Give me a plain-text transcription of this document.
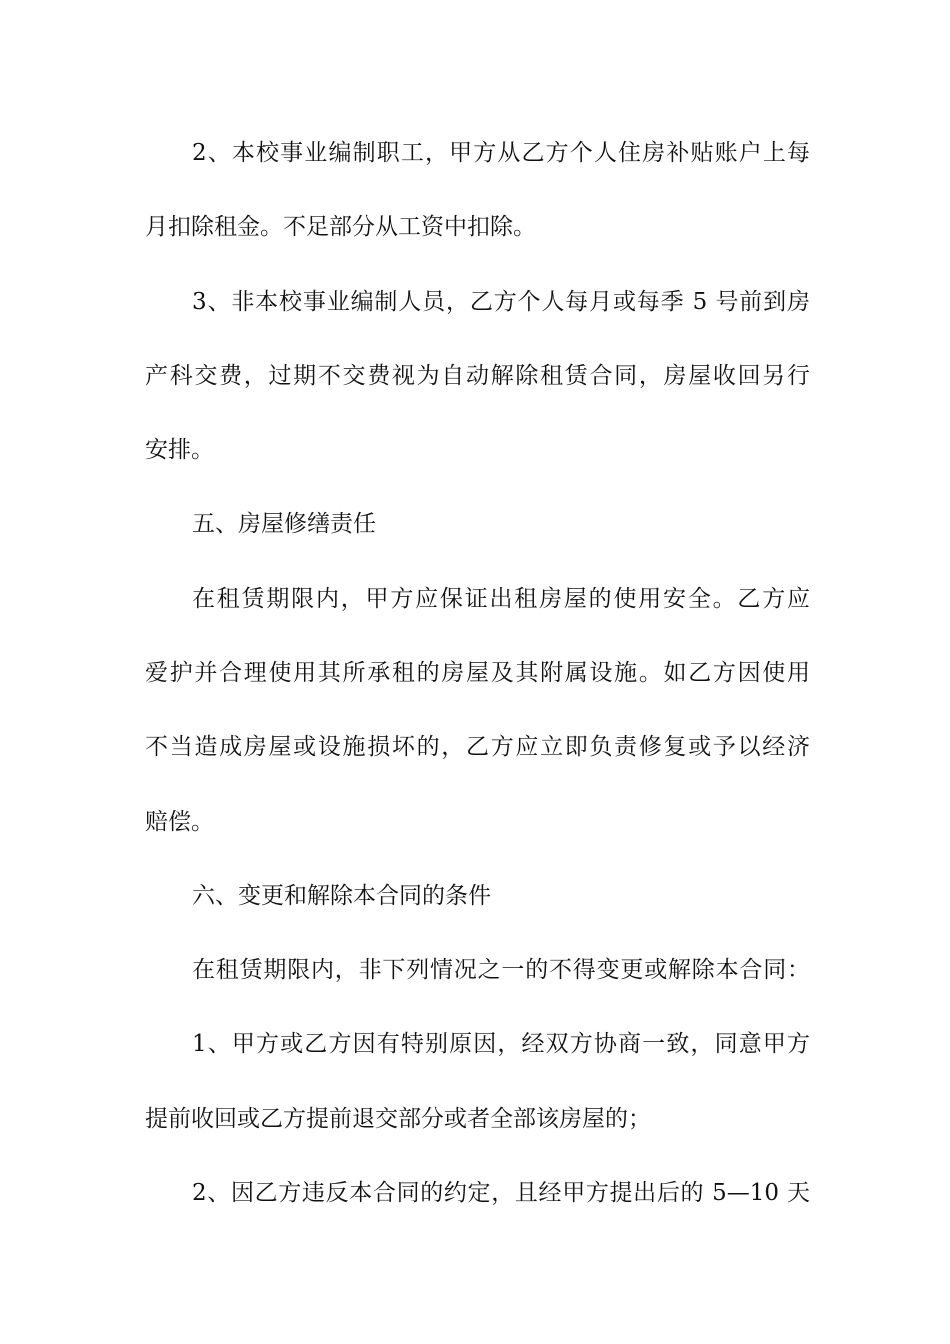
2、本校事业编制职工，甲方从乙方个人住房补贴账户上每
月扣除租金。不足部分从工资中扣除。
3、非本校事业编制人员，乙方个人每月或每季 5 号前到房
产科交费，过期不交费视为自动解除租赁合同，房屋收回另行
安排。
五、房屋修缮责任
在租赁期限内，甲方应保证出租房屋的使用安全。乙方应
爱护并合理使用其所承租的房屋及其附属设施。如乙方因使用
不当造成房屋或设施损坏的，乙方应立即负责修复或予以经济
赔偿。
六、变更和解除本合同的条件
在租赁期限内，非下列情况之一的不得变更或解除本合同：
1、甲方或乙方因有特别原因，经双方协商一致，同意甲方
提前收回或乙方提前退交部分或者全部该房屋的；
2、因乙方违反本合同的约定，且经甲方提出后的 5—10 天
